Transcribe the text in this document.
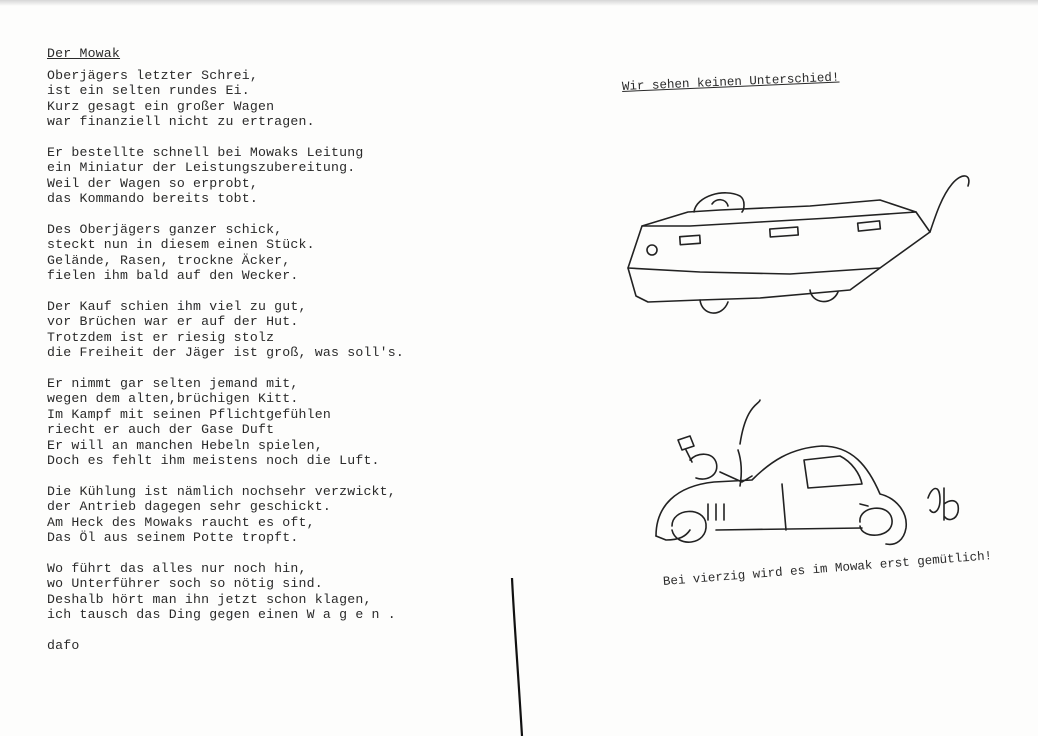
Der Mowak
Oberjägers letzter Schrei,
ist ein selten rundes Ei.
Kurz gesagt ein großer Wagen
war finanziell nicht zu ertragen.
Er bestellte schnell bei Mowaks Leitung
ein Miniatur der Leistungszubereitung.
Weil der Wagen so erprobt,
das Kommando bereits tobt.
Des Oberjägers ganzer schick,
steckt nun in diesem einen Stück.
Gelände, Rasen, trockne Äcker,
fielen ihm bald auf den Wecker.
Der Kauf schien ihm viel zu gut,
vor Brüchen war er auf der Hut.
Trotzdem ist er riesig stolz
die Freiheit der Jäger ist groß, was soll's.
Er nimmt gar selten jemand mit,
wegen dem alten,brüchigen Kitt.
Im Kampf mit seinen Pflichtgefühlen
riecht er auch der Gase Duft
Er will an manchen Hebeln spielen,
Doch es fehlt ihm meistens noch die Luft.
Die Kühlung ist nämlich nochsehr verzwickt,
der Antrieb dagegen sehr geschickt.
Am Heck des Mowaks raucht es oft,
Das Öl aus seinem Potte tropft.
Wo führt das alles nur noch hin,
wo Unterführer soch so nötig sind.
Deshalb hört man ihn jetzt schon klagen,
ich tausch das Ding gegen einen W a g e n .
dafo
Wir sehen keinen Unterschied!
Bei vierzig wird es im Mowak erst gemütlich!
